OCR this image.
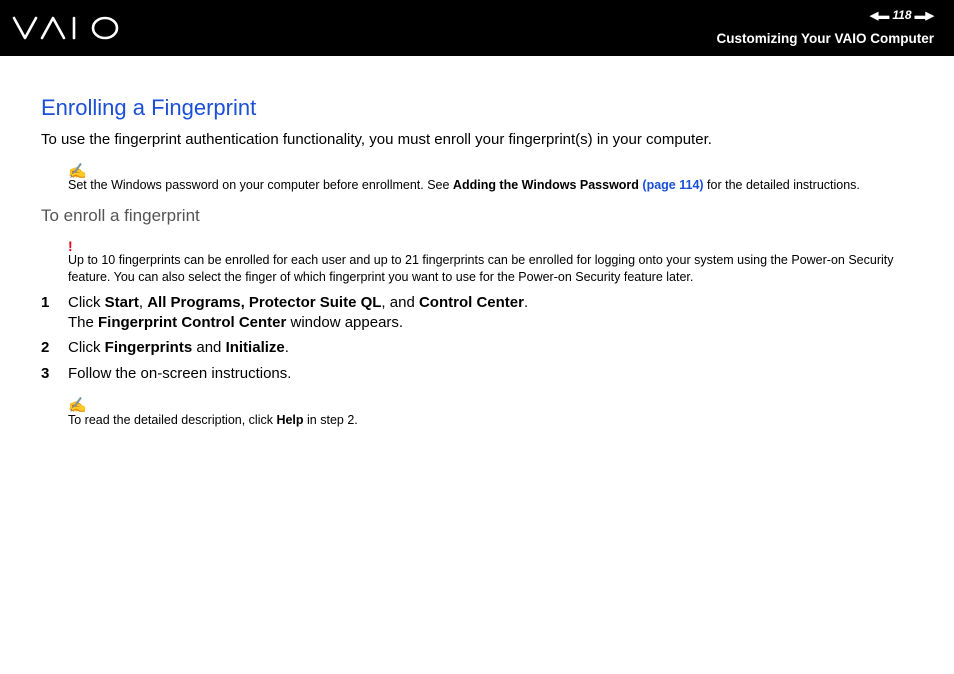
◀▬ 118 ▬▶
Customizing Your VAIO Computer
Enrolling a Fingerprint
To use the fingerprint authentication functionality, you must enroll your fingerprint(s) in your computer.
✍
Set the Windows password on your computer before enrollment. See Adding the Windows Password (page 114) for the detailed instructions.
To enroll a fingerprint
!
Up to 10 fingerprints can be enrolled for each user and up to 21 fingerprints can be enrolled for logging onto your system using the Power-on Security
feature. You can also select the finger of which fingerprint you want to use for the Power-on Security feature later.
1 Click Start, All Programs, Protector Suite QL, and Control Center.
The Fingerprint Control Center window appears.
2 Click Fingerprints and Initialize.
3 Follow the on-screen instructions.
✍
To read the detailed description, click Help in step 2.
